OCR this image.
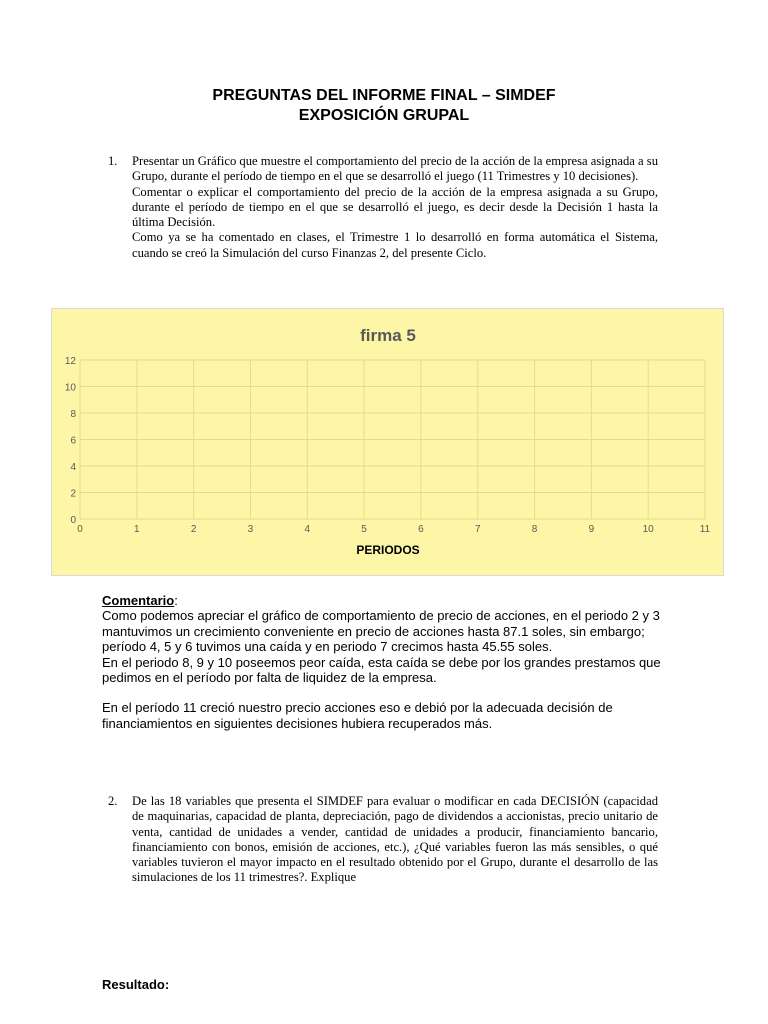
PREGUNTAS DEL INFORME FINAL – SIMDEF
EXPOSICIÓN GRUPAL
1.	Presentar un Gráfico que muestre el comportamiento del precio de la acción de la empresa asignada a su Grupo, durante el período de tiempo en el que se desarrolló el juego (11 Trimestres y 10 decisiones).

Comentar o explicar el comportamiento del precio de la acción de la empresa asignada a su Grupo, durante el período de tiempo en el que se desarrolló el juego, es decir desde la Decisión 1 hasta la última Decisión.

Como ya se ha comentado en clases, el Trimestre 1 lo desarrolló en forma automática el Sistema, cuando se creó la Simulación del curso Finanzas 2, del presente Ciclo.

firma 5
0
2
4
6
8
10
12
0	1	2	3	4	5	6	7	8	9	10	11
PERIODOS

Comentario:

Como podemos apreciar el gráfico de comportamiento de precio de acciones, en el periodo 2 y 3 mantuvimos un crecimiento conveniente en precio de acciones hasta 87.1 soles, sin embargo; período 4, 5 y 6 tuvimos una caída y en periodo 7 crecimos hasta 45.55 soles.

En el periodo 8, 9 y 10 poseemos peor caída, esta caída se debe por los grandes prestamos que pedimos en el período por falta de liquidez de la empresa.

En el período 11 creció nuestro precio acciones eso e debió por la adecuada decisión de financiamientos en siguientes decisiones hubiera recuperados más.

2.	De las 18 variables que presenta el SIMDEF para evaluar o modificar en cada DECISIÓN (capacidad de maquinarias, capacidad de planta, depreciación, pago de dividendos a accionistas, precio unitario de venta, cantidad de unidades a vender, cantidad de unidades a producir, financiamiento bancario, financiamiento con bonos, emisión de acciones, etc.), ¿Qué variables fueron las más sensibles, o qué variables tuvieron el mayor impacto en el resultado obtenido por el Grupo, durante el desarrollo de las simulaciones de los 11 trimestres?. Explique

Resultado:
